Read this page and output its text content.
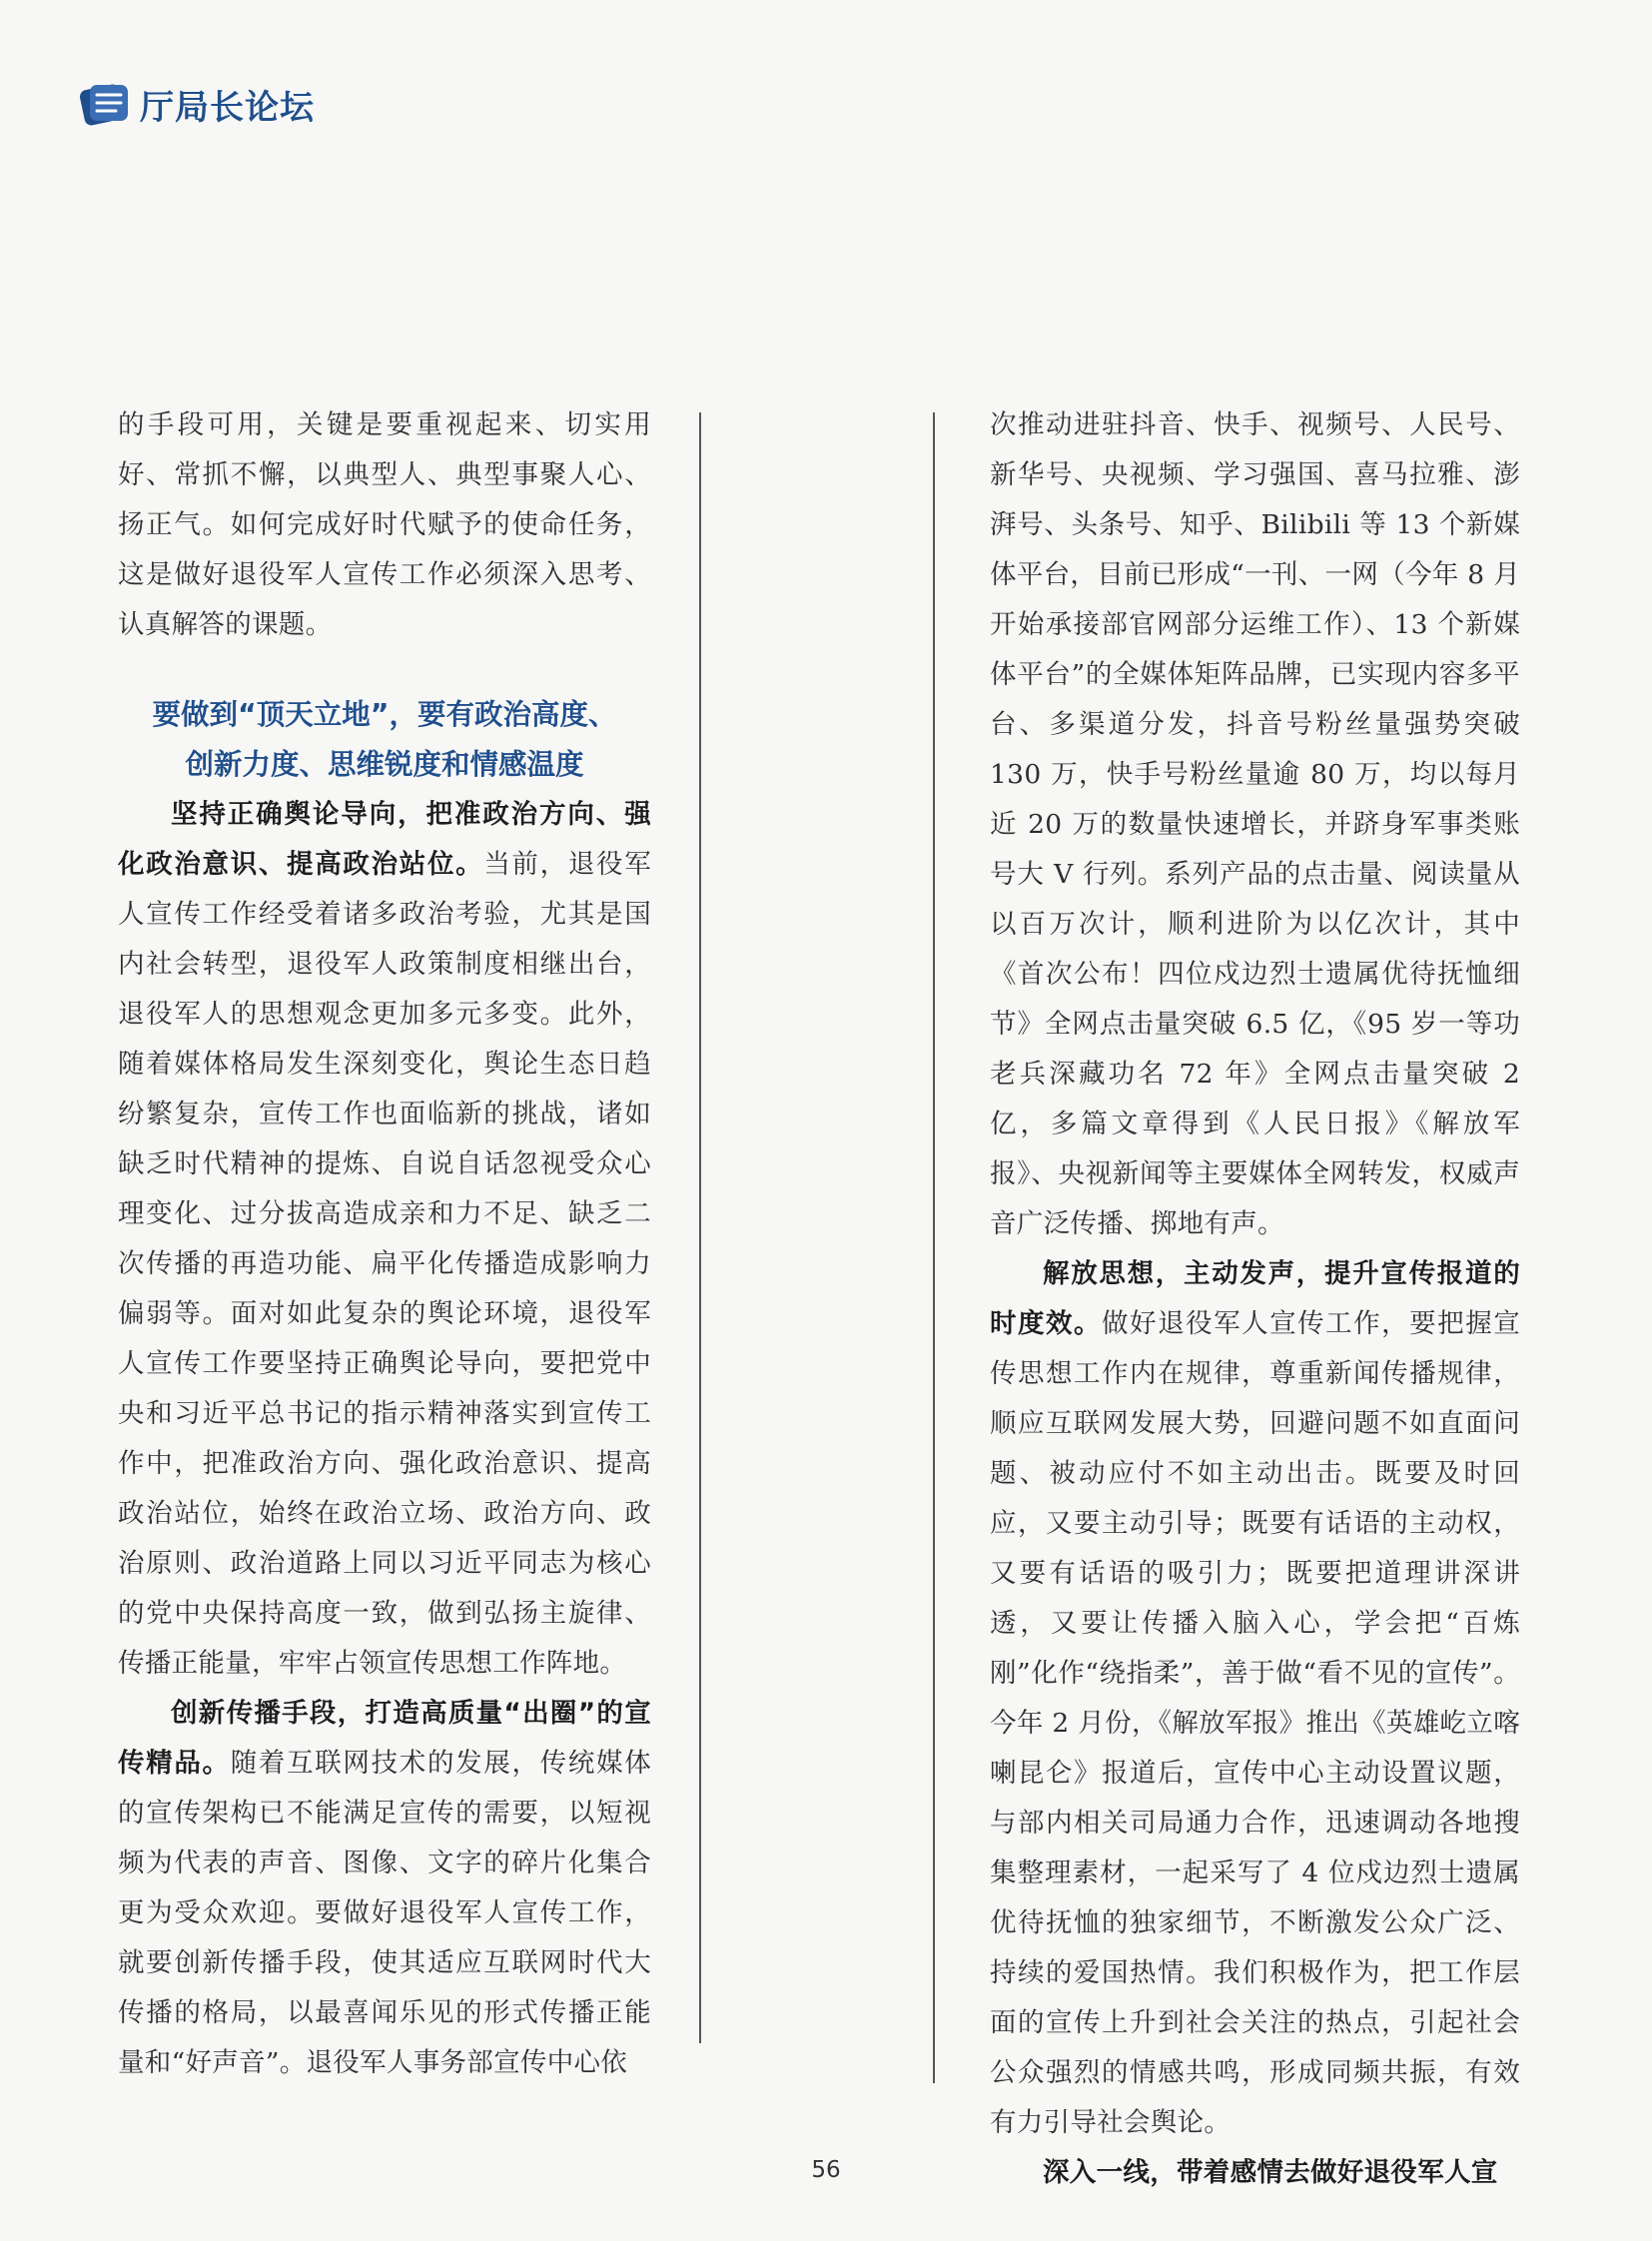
厅局长论坛

的手段可用，关键是要重视起来、切实用好、常抓不懈，以典型人、典型事聚人心、扬正气。如何完成好时代赋予的使命任务，这是做好退役军人宣传工作必须深入思考、认真解答的课题。

要做到“顶天立地”，要有政治高度、
创新力度、思维锐度和情感温度

坚持正确舆论导向，把准政治方向、强化政治意识、提高政治站位。当前，退役军人宣传工作经受着诸多政治考验，尤其是国内社会转型，退役军人政策制度相继出台，退役军人的思想观念更加多元多变。此外，随着媒体格局发生深刻变化，舆论生态日趋纷繁复杂，宣传工作也面临新的挑战，诸如缺乏时代精神的提炼、自说自话忽视受众心理变化、过分拔高造成亲和力不足、缺乏二次传播的再造功能、扁平化传播造成影响力偏弱等。面对如此复杂的舆论环境，退役军人宣传工作要坚持正确舆论导向，要把党中央和习近平总书记的指示精神落实到宣传工作中，把准政治方向、强化政治意识、提高政治站位，始终在政治立场、政治方向、政治原则、政治道路上同以习近平同志为核心的党中央保持高度一致，做到弘扬主旋律、传播正能量，牢牢占领宣传思想工作阵地。

创新传播手段，打造高质量“出圈”的宣传精品。随着互联网技术的发展，传统媒体的宣传架构已不能满足宣传的需要，以短视频为代表的声音、图像、文字的碎片化集合更为受众欢迎。要做好退役军人宣传工作，就要创新传播手段，使其适应互联网时代大传播的格局，以最喜闻乐见的形式传播正能量和“好声音”。退役军人事务部宣传中心依

次推动进驻抖音、快手、视频号、人民号、新华号、央视频、学习强国、喜马拉雅、澎湃号、头条号、知乎、Bilibili 等 13 个新媒体平台，目前已形成“一刊、一网（今年 8 月开始承接部官网部分运维工作）、13 个新媒体平台”的全媒体矩阵品牌，已实现内容多平台、多渠道分发，抖音号粉丝量强势突破 130 万，快手号粉丝量逾 80 万，均以每月近 20 万的数量快速增长，并跻身军事类账号大 V 行列。系列产品的点击量、阅读量从以百万次计，顺利进阶为以亿次计，其中《首次公布！四位戍边烈士遗属优待抚恤细节》全网点击量突破 6.5 亿，《95 岁一等功老兵深藏功名 72 年》全网点击量突破 2 亿，多篇文章得到《人民日报》《解放军报》、央视新闻等主要媒体全网转发，权威声音广泛传播、掷地有声。

解放思想，主动发声，提升宣传报道的时度效。做好退役军人宣传工作，要把握宣传思想工作内在规律，尊重新闻传播规律，顺应互联网发展大势，回避问题不如直面问题、被动应付不如主动出击。既要及时回应，又要主动引导；既要有话语的主动权，又要有话语的吸引力；既要把道理讲深讲透，又要让传播入脑入心，学会把“百炼刚”化作“绕指柔”，善于做“看不见的宣传”。今年 2 月份，《解放军报》推出《英雄屹立喀喇昆仑》报道后，宣传中心主动设置议题，与部内相关司局通力合作，迅速调动各地搜集整理素材，一起采写了 4 位戍边烈士遗属优待抚恤的独家细节，不断激发公众广泛、持续的爱国热情。我们积极作为，把工作层面的宣传上升到社会关注的热点，引起社会公众强烈的情感共鸣，形成同频共振，有效有力引导社会舆论。

深入一线，带着感情去做好退役军人宣

56
